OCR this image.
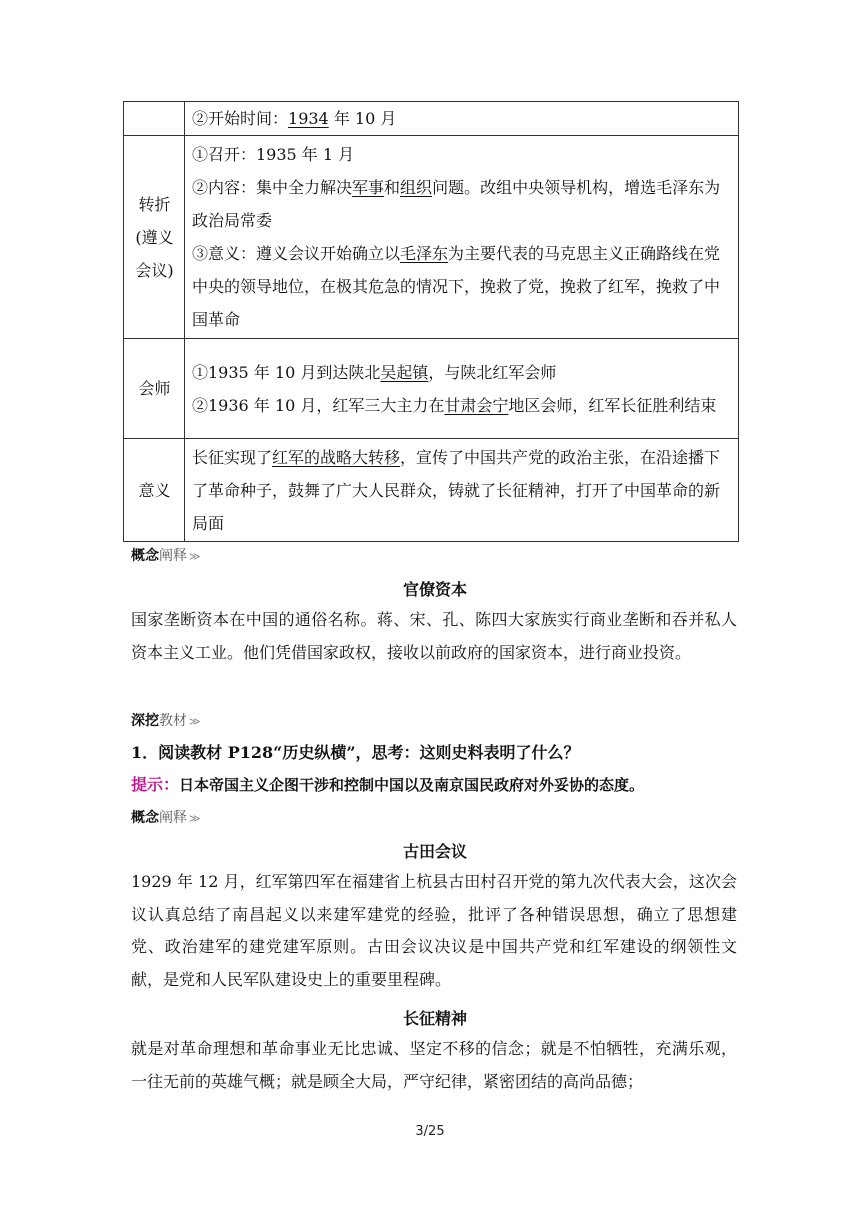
	②开始时间：1934 年 10 月
转折(遵义会议)	①召开：1935 年 1 月
②内容：集中全力解决军事和组织问题。改组中央领导机构，增选毛泽东为政治局常委
③意义：遵义会议开始确立以毛泽东为主要代表的马克思主义正确路线在党中央的领导地位，在极其危急的情况下，挽救了党，挽救了红军，挽救了中国革命

会师	①1935 年 10 月到达陕北吴起镇，与陕北红军会师
②1936 年 10 月，红军三大主力在甘肃会宁地区会师，红军长征胜利结束

意义	长征实现了红军的战略大转移，宣传了中国共产党的政治主张，在沿途播下了革命种子，鼓舞了广大人民群众，铸就了长征精神，打开了中国革命的新局面
概念阐释 ≫
官僚资本
国家垄断资本在中国的通俗名称。蒋、宋、孔、陈四大家族实行商业垄断和吞并私人资本主义工业。他们凭借国家政权，接收以前政府的国家资本，进行商业投资。
深挖教材 ≫
1．阅读教材 P128“历史纵横”，思考：这则史料表明了什么？
提示：日本帝国主义企图干涉和控制中国以及南京国民政府对外妥协的态度。
概念阐释 ≫
古田会议
1929 年 12 月，红军第四军在福建省上杭县古田村召开党的第九次代表大会，这次会议认真总结了南昌起义以来建军建党的经验，批评了各种错误思想，确立了思想建党、政治建军的建党建军原则。古田会议决议是中国共产党和红军建设的纲领性文献，是党和人民军队建设史上的重要里程碑。
长征精神
就是对革命理想和革命事业无比忠诚、坚定不移的信念；就是不怕牺牲，充满乐观，一往无前的英雄气概；就是顾全大局，严守纪律，紧密团结的高尚品德；
3/25
